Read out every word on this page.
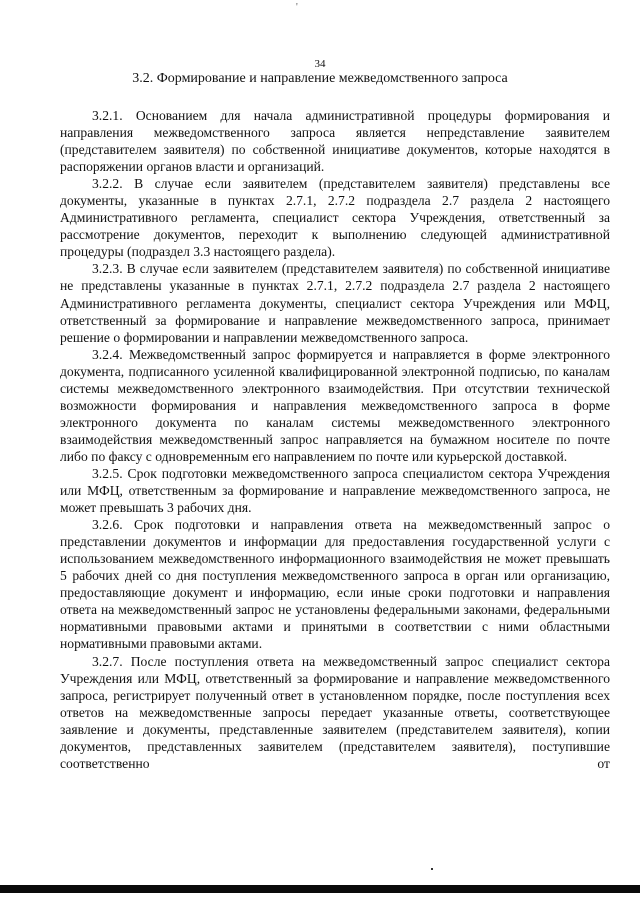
'
34
3.2. Формирование и направление межведомственного запроса

3.2.1. Основанием для начала административной процедуры формирования и направления межведомственного запроса является непредставление заявителем (представителем заявителя) по собственной инициативе документов, которые находятся в распоряжении органов власти и организаций.

3.2.2. В случае если заявителем (представителем заявителя) представлены все документы, указанные в пунктах 2.7.1, 2.7.2 подраздела 2.7 раздела 2 настоящего Административного регламента, специалист сектора Учреждения, ответственный за рассмотрение документов, переходит к выполнению следующей административной процедуры (подраздел 3.3 настоящего раздела).

3.2.3. В случае если заявителем (представителем заявителя) по собственной инициативе не представлены указанные в пунктах 2.7.1, 2.7.2 подраздела 2.7 раздела 2 настоящего Административного регламента документы, специалист сектора Учреждения или МФЦ, ответственный за формирование и направление межведомственного запроса, принимает решение о формировании и направлении межведомственного запроса.

3.2.4. Межведомственный запрос формируется и направляется в форме электронного документа, подписанного усиленной квалифицированной электронной подписью, по каналам системы межведомственного электронного взаимодействия. При отсутствии технической возможности формирования и направления межведомственного запроса в форме электронного документа по каналам системы межведомственного электронного взаимодействия межведомственный запрос направляется на бумажном носителе по почте либо по факсу с одновременным его направлением по почте или курьерской доставкой.

3.2.5. Срок подготовки межведомственного запроса специалистом сектора Учреждения или МФЦ, ответственным за формирование и направление межведомственного запроса, не может превышать 3 рабочих дня.

3.2.6. Срок подготовки и направления ответа на межведомственный запрос о представлении документов и информации для предоставления государственной услуги с использованием межведомственного информационного взаимодействия не может превышать 5 рабочих дней со дня поступления межведомственного запроса в орган или организацию, предоставляющие документ и информацию, если иные сроки подготовки и направления ответа на межведомственный запрос не установлены федеральными законами, федеральными нормативными правовыми актами и принятыми в соответствии с ними областными нормативными правовыми актами.

3.2.7. После поступления ответа на межведомственный запрос специалист сектора Учреждения или МФЦ, ответственный за формирование и направление межведомственного запроса, регистрирует полученный ответ в установленном порядке, после поступления всех ответов на межведомственные запросы передает указанные ответы, соответствующее заявление и документы, представленные заявителем (представителем заявителя), копии документов, представленных заявителем (представителем заявителя), поступившие соответственно от
